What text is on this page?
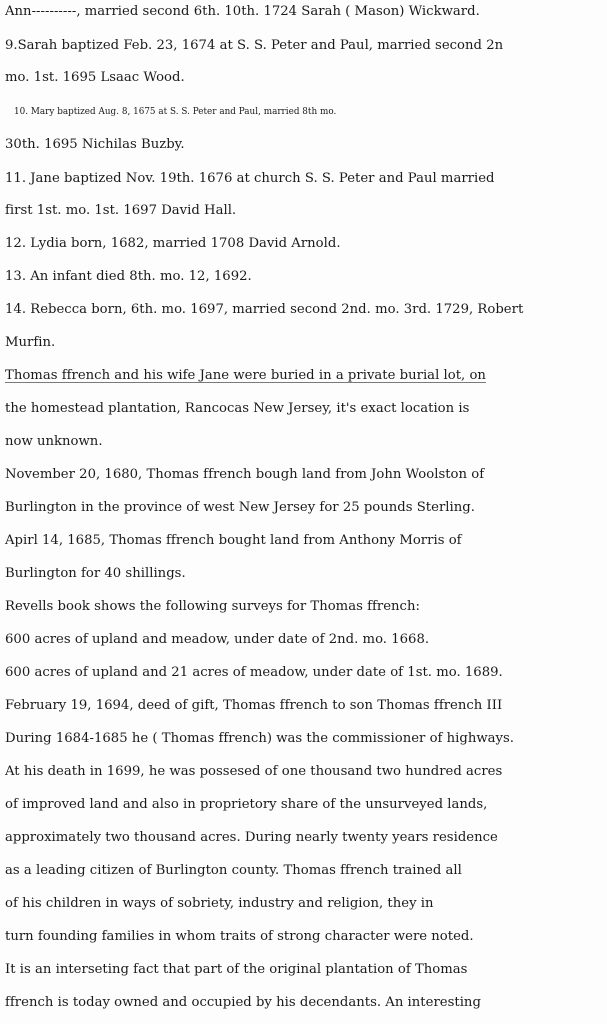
Ann----------, married second 6th. 10th. 1724 Sarah ( Mason) Wickward.
9.Sarah baptized Feb. 23, 1674 at S. S. Peter and Paul, married second 2n
mo. 1st. 1695 Lsaac Wood.
10. Mary baptized Aug. 8, 1675 at S. S. Peter and Paul, married 8th mo.
30th. 1695 Nichilas Buzby.
11. Jane baptized Nov. 19th. 1676 at church S. S. Peter and Paul married
first 1st. mo. 1st. 1697 David Hall.
12. Lydia born, 1682, married 1708 David Arnold.
13. An infant died 8th. mo. 12, 1692.
14. Rebecca born, 6th. mo. 1697, married second 2nd. mo. 3rd. 1729, Robert
Murfin.
Thomas ffrench and his wife Jane were buried in a private burial lot, on
the homestead plantation, Rancocas New Jersey, it's exact location is
now unknown.
November 20, 1680, Thomas ffrench bough land from John Woolston of
Burlington in the province of west New Jersey for 25 pounds Sterling.
Apirl 14, 1685, Thomas ffrench bought land from Anthony Morris of
Burlington for 40 shillings.
Revells book shows the following surveys for Thomas ffrench:
600 acres of upland and meadow, under date of 2nd. mo. 1668.
600 acres of upland and 21 acres of meadow, under date of 1st. mo. 1689.
February 19, 1694, deed of gift, Thomas ffrench to son Thomas ffrench III
During 1684-1685 he ( Thomas ffrench) was the commissioner of highways.
At his death in 1699, he was possesed of one thousand two hundred acres
of improved land and also in proprietory share of the unsurveyed lands,
approximately two thousand acres. During nearly twenty years residence
as a leading citizen of Burlington county. Thomas ffrench trained all
of his children in ways of sobriety, industry and religion, they in
turn founding families in whom traits of strong character were noted.
It is an interseting fact that part of the original plantation of Thomas
ffrench is today owned and occupied by his decendants. An interesting
